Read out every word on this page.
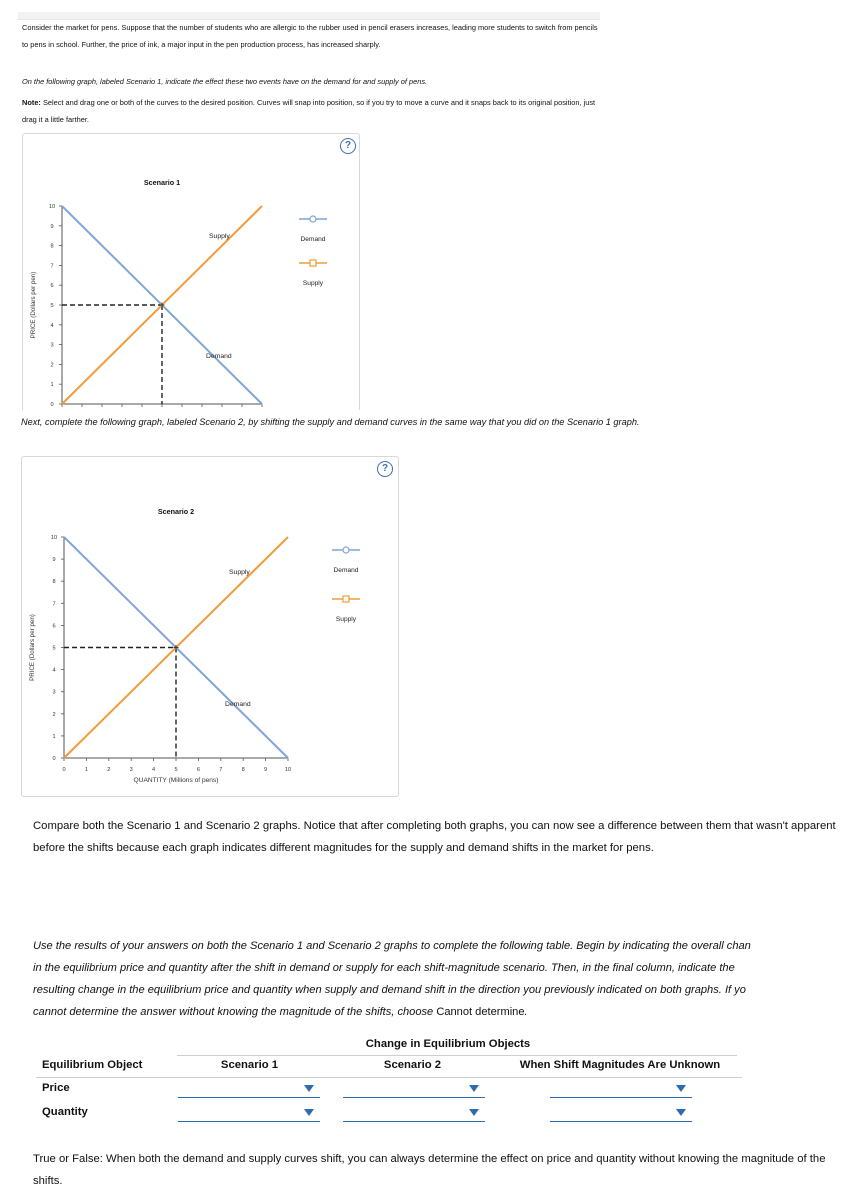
Consider the market for pens. Suppose that the number of students who are allergic to the rubber used in pencil erasers increases, leading more students to switch from pencils to pens in school. Further, the price of ink, a major input in the pen production process, has increased sharply.
On the following graph, labeled Scenario 1, indicate the effect these two events have on the demand for and supply of pens.
Note: Select and drag one or both of the curves to the desired position. Curves will snap into position, so if you try to move a curve and it snaps back to its original position, just drag it a little farther.
?
Scenario 1
0
1
2
3
4
5
6
7
8
9
10
PRICE (Dollars per pen)
Supply
Demand
Demand
Supply
Next, complete the following graph, labeled Scenario 2, by shifting the supply and demand curves in the same way that you did on the Scenario 1 graph.
?
Scenario 2
0
0
1
1
2
2
3
3
4
4
5
5
6
6
7
7
8
8
9
9
10
10
PRICE (Dollars per pen)
QUANTITY (Millions of pens)
Supply
Demand
Demand
Supply
Compare both the Scenario 1 and Scenario 2 graphs. Notice that after completing both graphs, you can now see a difference between them that wasn't apparent before the shifts because each graph indicates different magnitudes for the supply and demand shifts in the market for pens.
Use the results of your answers on both the Scenario 1 and Scenario 2 graphs to complete the following table. Begin by indicating the overall chan
in the equilibrium price and quantity after the shift in demand or supply for each shift-magnitude scenario. Then, in the final column, indicate the
resulting change in the equilibrium price and quantity when supply and demand shift in the direction you previously indicated on both graphs. If yo
cannot determine the answer without knowing the magnitude of the shifts, choose Cannot determine.
Change in Equilibrium Objects
Equilibrium Object	Scenario 1	Scenario 2	When Shift Magnitudes Are Unknown
Price
Quantity
True or False: When both the demand and supply curves shift, you can always determine the effect on price and quantity without knowing the magnitude of the shifts.
